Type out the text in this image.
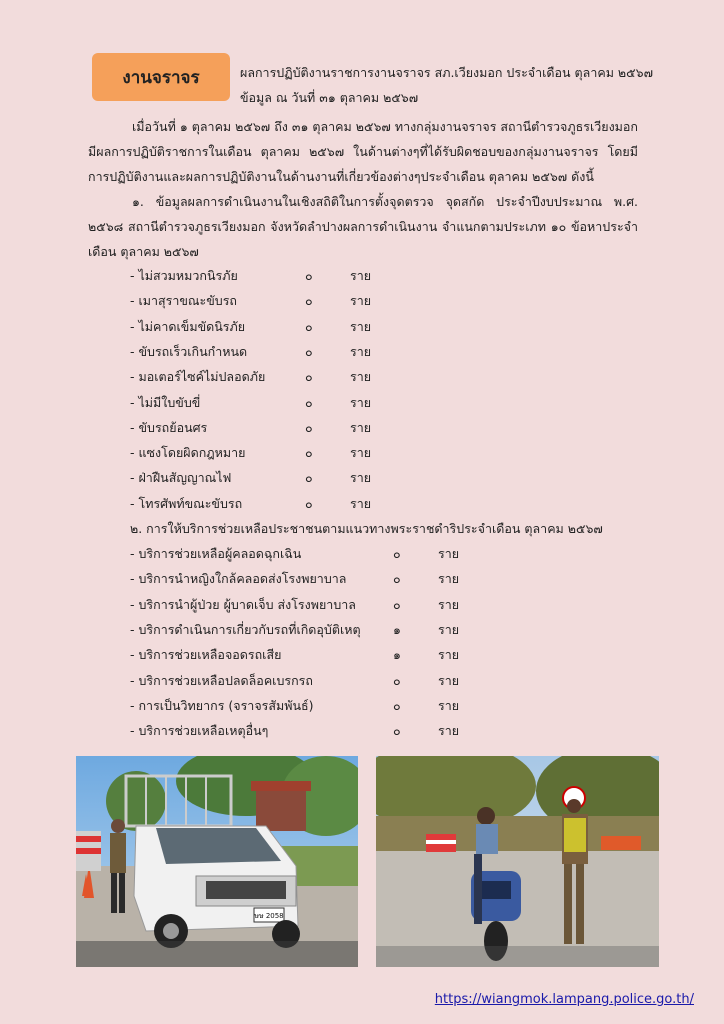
งานจราจร	ผลการปฏิบัติงานราชการงานจราจร สภ.เวียงมอก ประจำเดือน ตุลาคม ๒๕๖๗
ข้อมูล ณ วันที่ ๓๑ ตุลาคม ๒๕๖๗
เมื่อวันที่ ๑ ตุลาคม ๒๕๖๗ ถึง ๓๑ ตุลาคม ๒๕๖๗ ทางกลุ่มงานจราจร สถานีตำรวจภูธรเวียงมอก มีผลการปฏิบัติราชการในเดือน ตุลาคม ๒๕๖๗ ในด้านต่างๆที่ได้รับผิดชอบของกลุ่มงานจราจร โดยมีการปฏิบัติงานและผลการปฏิบัติงานในด้านงานที่เกี่ยวข้องต่างๆประจำเดือน ตุลาคม ๒๕๖๗ ดังนี้
๑. ข้อมูลผลการดำเนินงานในเชิงสถิติในการตั้งจุดตรวจ จุดสกัด ประจำปีงบประมาณ พ.ศ. ๒๕๖๘ สถานีตำรวจภูธรเวียงมอก จังหวัดลำปางผลการดำเนินงาน จำแนกตามประเภท ๑๐ ข้อหาประจำเดือน ตุลาคม ๒๕๖๗
- ไม่สวมหมวกนิรภัย	๐	ราย
- เมาสุราขณะขับรถ	๐	ราย
- ไม่คาดเข็มขัดนิรภัย	๐	ราย
- ขับรถเร็วเกินกำหนด	๐	ราย
- มอเตอร์ไซค์ไม่ปลอดภัย	๐	ราย
- ไม่มีใบขับขี่	๐	ราย
- ขับรถย้อนศร	๐	ราย
- แซงโดยผิดกฎหมาย	๐	ราย
- ฝ่าฝืนสัญญาณไฟ	๐	ราย
- โทรศัพท์ขณะขับรถ	๐	ราย
๒. การให้บริการช่วยเหลือประชาชนตามแนวทางพระราชดำริประจำเดือน ตุลาคม ๒๕๖๗
- บริการช่วยเหลือผู้คลอดฉุกเฉิน	๐	ราย
- บริการนำหญิงใกล้คลอดส่งโรงพยาบาล	๐	ราย
- บริการนำผู้ป่วย ผู้บาดเจ็บ ส่งโรงพยาบาล	๐	ราย
- บริการดำเนินการเกี่ยวกับรถที่เกิดอุบัติเหตุ	๑	ราย
- บริการช่วยเหลือจอดรถเสีย	๑	ราย
- บริการช่วยเหลือปลดล็อคเบรกรถ	๐	ราย
- การเป็นวิทยากร (จราจรสัมพันธ์)	๐	ราย
- บริการช่วยเหลือเหตุอื่นๆ	๐	ราย
ษษ 2058
https://wiangmok.lampang.police.go.th/
